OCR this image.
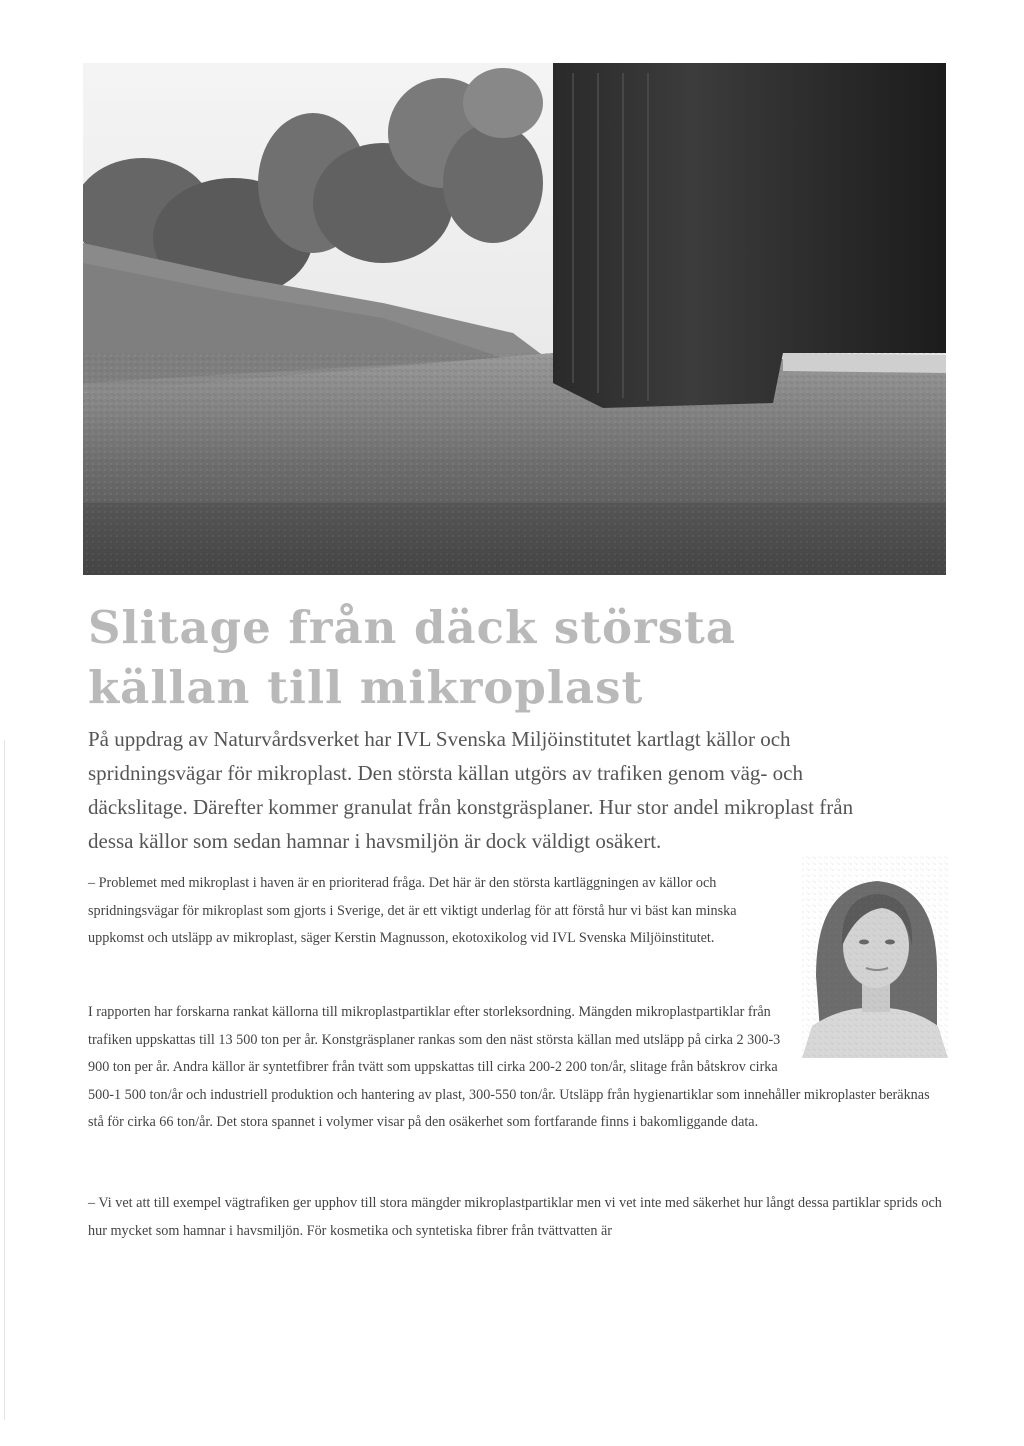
Slitage från däck största källan till mikroplast

På uppdrag av Naturvårdsverket har IVL Svenska Miljöinstitutet kartlagt källor och spridningsvägar för mikroplast. Den största källan utgörs av trafiken genom väg- och däckslitage. Därefter kommer granulat från konstgräsplaner. Hur stor andel mikroplast från dessa källor som sedan hamnar i havsmiljön är dock väldigt osäkert.

– Problemet med mikroplast i haven är en prioriterad fråga. Det här är den största kartläggningen av källor och spridningsvägar för mikroplast som gjorts i Sverige, det är ett viktigt underlag för att förstå hur vi bäst kan minska uppkomst och utsläpp av mikroplast, säger Kerstin Magnusson, ekotoxikolog vid IVL Svenska Miljöinstitutet.

I rapporten har forskarna rankat källorna till mikroplastpartiklar efter storleksordning. Mängden mikroplastpartiklar från trafiken uppskattas till 13 500 ton per år. Konstgräsplaner rankas som den näst största källan med utsläpp på cirka 2 300-3 900 ton per år. Andra källor är syntetfibrer från tvätt som uppskattas till cirka 200-2 200 ton/år, slitage från båtskrov cirka 500-1 500 ton/år och industriell produktion och hantering av plast, 300-550 ton/år. Utsläpp från hygienartiklar som innehåller mikroplaster beräknas stå för cirka 66 ton/år. Det stora spannet i volymer visar på den osäkerhet som fortfarande finns i bakomliggande data.

– Vi vet att till exempel vägtrafiken ger upphov till stora mängder mikroplastpartiklar men vi vet inte med säkerhet hur långt dessa partiklar sprids och hur mycket som hamnar i havsmiljön. För kosmetika och syntetiska fibrer från tvättvatten är
